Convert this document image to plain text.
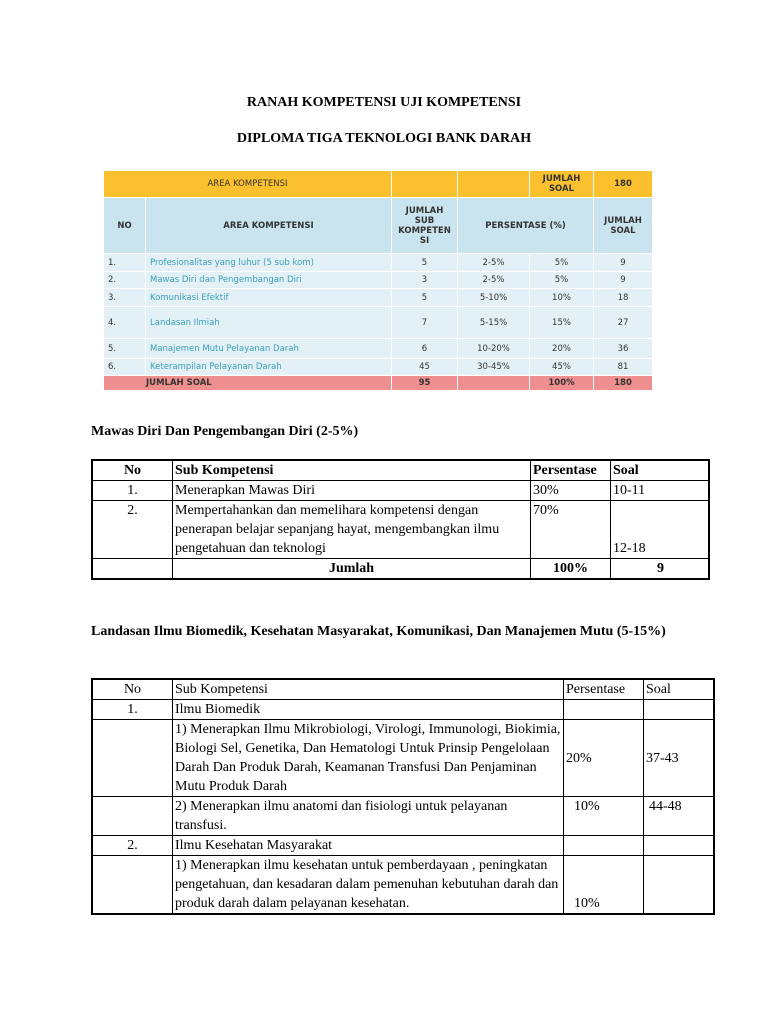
RANAH KOMPETENSI UJI KOMPETENSI
DIPLOMA TIGA TEKNOLOGI BANK DARAH
AREA KOMPETENSI				JUMLAH SOAL	180
NO	AREA KOMPETENSI	JUMLAH SUB KOMPETEN SI	PERSENTASE (%)		JUMLAH SOAL
1.	Profesionalitas yang luhur (5 sub kom)	5	2-5%	5%	9
2.	Mawas Diri dan Pengembangan Diri	3	2-5%	5%	9
3.	Komunikasi Efektif	5	5-10%	10%	18
4.	Landasan Ilmiah	7	5-15%	15%	27
5.	Manajemen Mutu Pelayanan Darah	6	10-20%	20%	36
6.	Keterampilan Pelayanan Darah	45	30-45%	45%	81
JUMLAH SOAL		95		100%	180
Mawas Diri Dan Pengembangan Diri (2-5%)
No	Sub Kompetensi	Persentase	Soal
1.	Menerapkan Mawas Diri	30%	10-11
2.	Mempertahankan dan memelihara kompetensi dengan penerapan belajar sepanjang hayat, mengembangkan ilmu pengetahuan dan teknologi	70%	12-18
	Jumlah	100%	9
Landasan Ilmu Biomedik, Kesehatan Masyarakat, Komunikasi, Dan Manajemen Mutu (5-15%)
No	Sub Kompetensi	Persentase	Soal
1.	Ilmu Biomedik		
	1) Menerapkan Ilmu Mikrobiologi, Virologi, Immunologi, Biokimia, Biologi Sel, Genetika, Dan Hematologi Untuk Prinsip Pengelolaan Darah Dan Produk Darah, Keamanan Transfusi Dan Penjaminan Mutu Produk Darah	20%	37-43
	2) Menerapkan ilmu anatomi dan fisiologi untuk pelayanan transfusi.	10%	44-48
2.	Ilmu Kesehatan Masyarakat		
	1) Menerapkan ilmu kesehatan untuk pemberdayaan , peningkatan pengetahuan, dan kesadaran dalam pemenuhan kebutuhan darah dan produk darah dalam pelayanan kesehatan.	10%	
